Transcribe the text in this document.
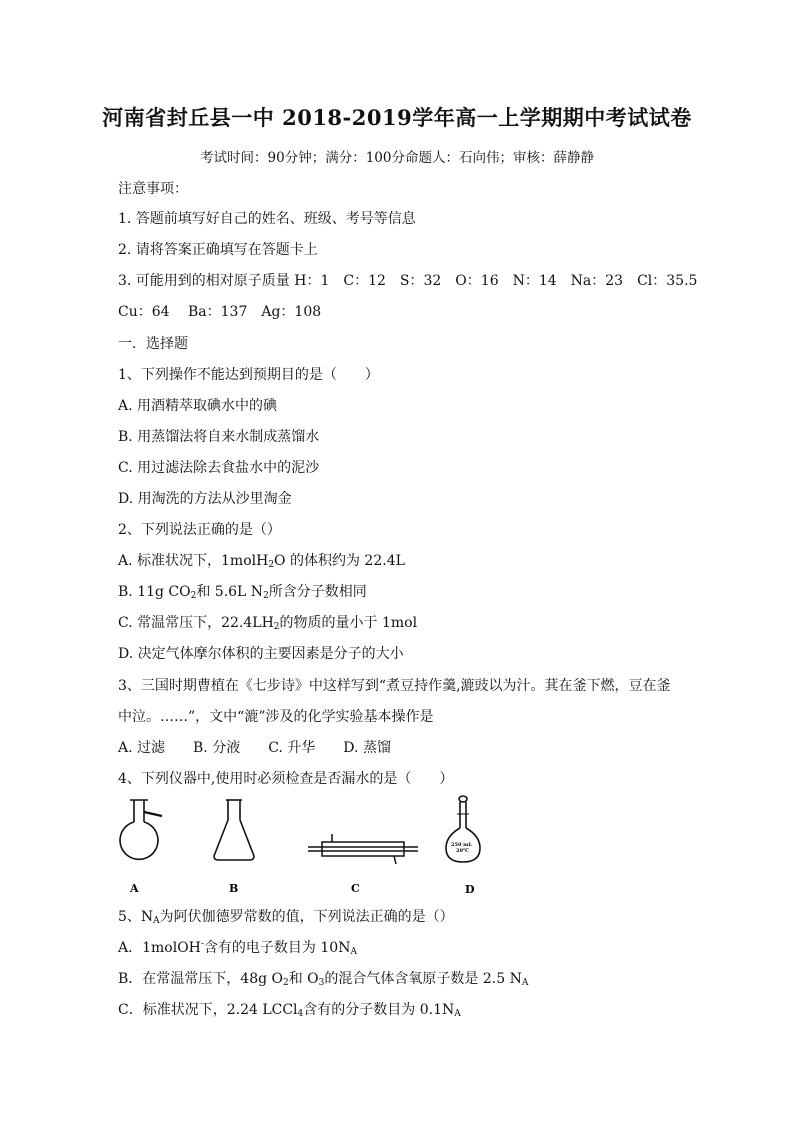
河南省封丘县一中 2018-2019学年高一上学期期中考试试卷
考试时间：90分钟；满分：100分命题人：石向伟；审核：薛静静
注意事项：
1. 答题前填写好自己的姓名、班级、考号等信息
2. 请将答案正确填写在答题卡上
3. 可能用到的相对原子质量 H：1　C：12　S：32　O：16　N：14　Na：23　Cl：35.5
Cu：64　 Ba：137　Ag：108
一．选择题
1、下列操作不能达到预期目的是（　　）
A. 用酒精萃取碘水中的碘
B. 用蒸馏法将自来水制成蒸馏水
C. 用过滤法除去食盐水中的泥沙
D. 用淘洗的方法从沙里淘金
2、下列说法正确的是（）
A. 标准状况下，1molH$_2$O 的体积约为 22.4L
B. 11g $CO_2$和 5.6L $N_2$所含分子数相同
C. 常温常压下，$22.4LH_2$的物质的量小于 1mol
D. 决定气体摩尔体积的主要因素是分子的大小
3、三国时期曹植在《七步诗》中这样写到“煮豆持作羹,漉豉以为汁。萁在釜下燃，豆在釜
中泣。……”，文中“漉”涉及的化学实验基本操作是
A. 过滤　　B. 分液　　C. 升华　　D. 蒸馏
4、下列仪器中,使用时必须检查是否漏水的是（　　）
250 mL
20℃
A	B	C	D
5、$N_A$为阿伏伽德罗常数的值，下列说法正确的是（）
A．1molOH-含有的电子数目为 $10N_A$
B．在常温常压下，48g $O_2$和 $O_3$的混合气体含氧原子数是 2.5 $N_A$
C．标准状况下，2.24 LCCl$_4$含有的分子数目为 $0.1N_A$
